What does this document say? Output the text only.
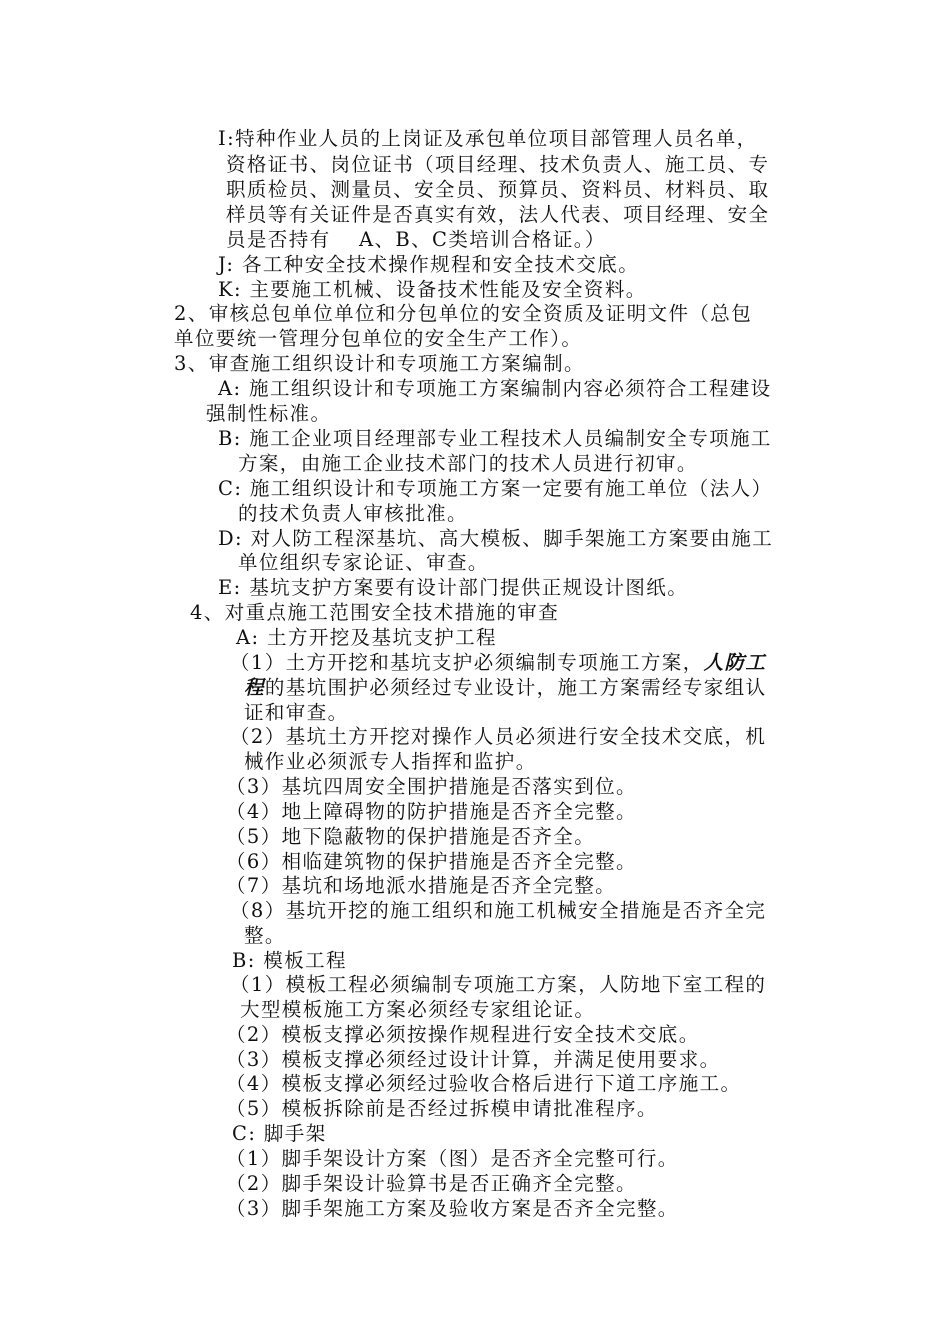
I:特种作业人员的上岗证及承包单位项目部管理人员名单，
资格证书、岗位证书（项目经理、技术负责人、施工员、专
职质检员、测量员、安全员、预算员、资料员、材料员、取
样员等有关证件是否真实有效，法人代表、项目经理、安全
员是否持有　 A、B、C类培训合格证。）
J: 各工种安全技术操作规程和安全技术交底。
K: 主要施工机械、设备技术性能及安全资料。
2、审核总包单位单位和分包单位的安全资质及证明文件（总包
单位要统一管理分包单位的安全生产工作）。
3、审查施工组织设计和专项施工方案编制。
A: 施工组织设计和专项施工方案编制内容必须符合工程建设
强制性标准。
B: 施工企业项目经理部专业工程技术人员编制安全专项施工
方案，由施工企业技术部门的技术人员进行初审。
C: 施工组织设计和专项施工方案一定要有施工单位（法人）
的技术负责人审核批准。
D: 对人防工程深基坑、高大模板、脚手架施工方案要由施工
单位组织专家论证、审查。
E: 基坑支护方案要有设计部门提供正规设计图纸。
4、对重点施工范围安全技术措施的审查
A: 土方开挖及基坑支护工程
（1）土方开挖和基坑支护必须编制专项施工方案，人防工
程的基坑围护必须经过专业设计，施工方案需经专家组认
证和审查。
（2）基坑土方开挖对操作人员必须进行安全技术交底，机
械作业必须派专人指挥和监护。
（3）基坑四周安全围护措施是否落实到位。
（4）地上障碍物的防护措施是否齐全完整。
（5）地下隐蔽物的保护措施是否齐全。
（6）相临建筑物的保护措施是否齐全完整。
（7）基坑和场地派水措施是否齐全完整。
（8）基坑开挖的施工组织和施工机械安全措施是否齐全完
整。
B: 模板工程
（1）模板工程必须编制专项施工方案，人防地下室工程的
大型模板施工方案必须经专家组论证。
（2）模板支撑必须按操作规程进行安全技术交底。
（3）模板支撑必须经过设计计算，并满足使用要求。
（4）模板支撑必须经过验收合格后进行下道工序施工。
（5）模板拆除前是否经过拆模申请批准程序。
C: 脚手架
（1）脚手架设计方案（图）是否齐全完整可行。
（2）脚手架设计验算书是否正确齐全完整。
（3）脚手架施工方案及验收方案是否齐全完整。
